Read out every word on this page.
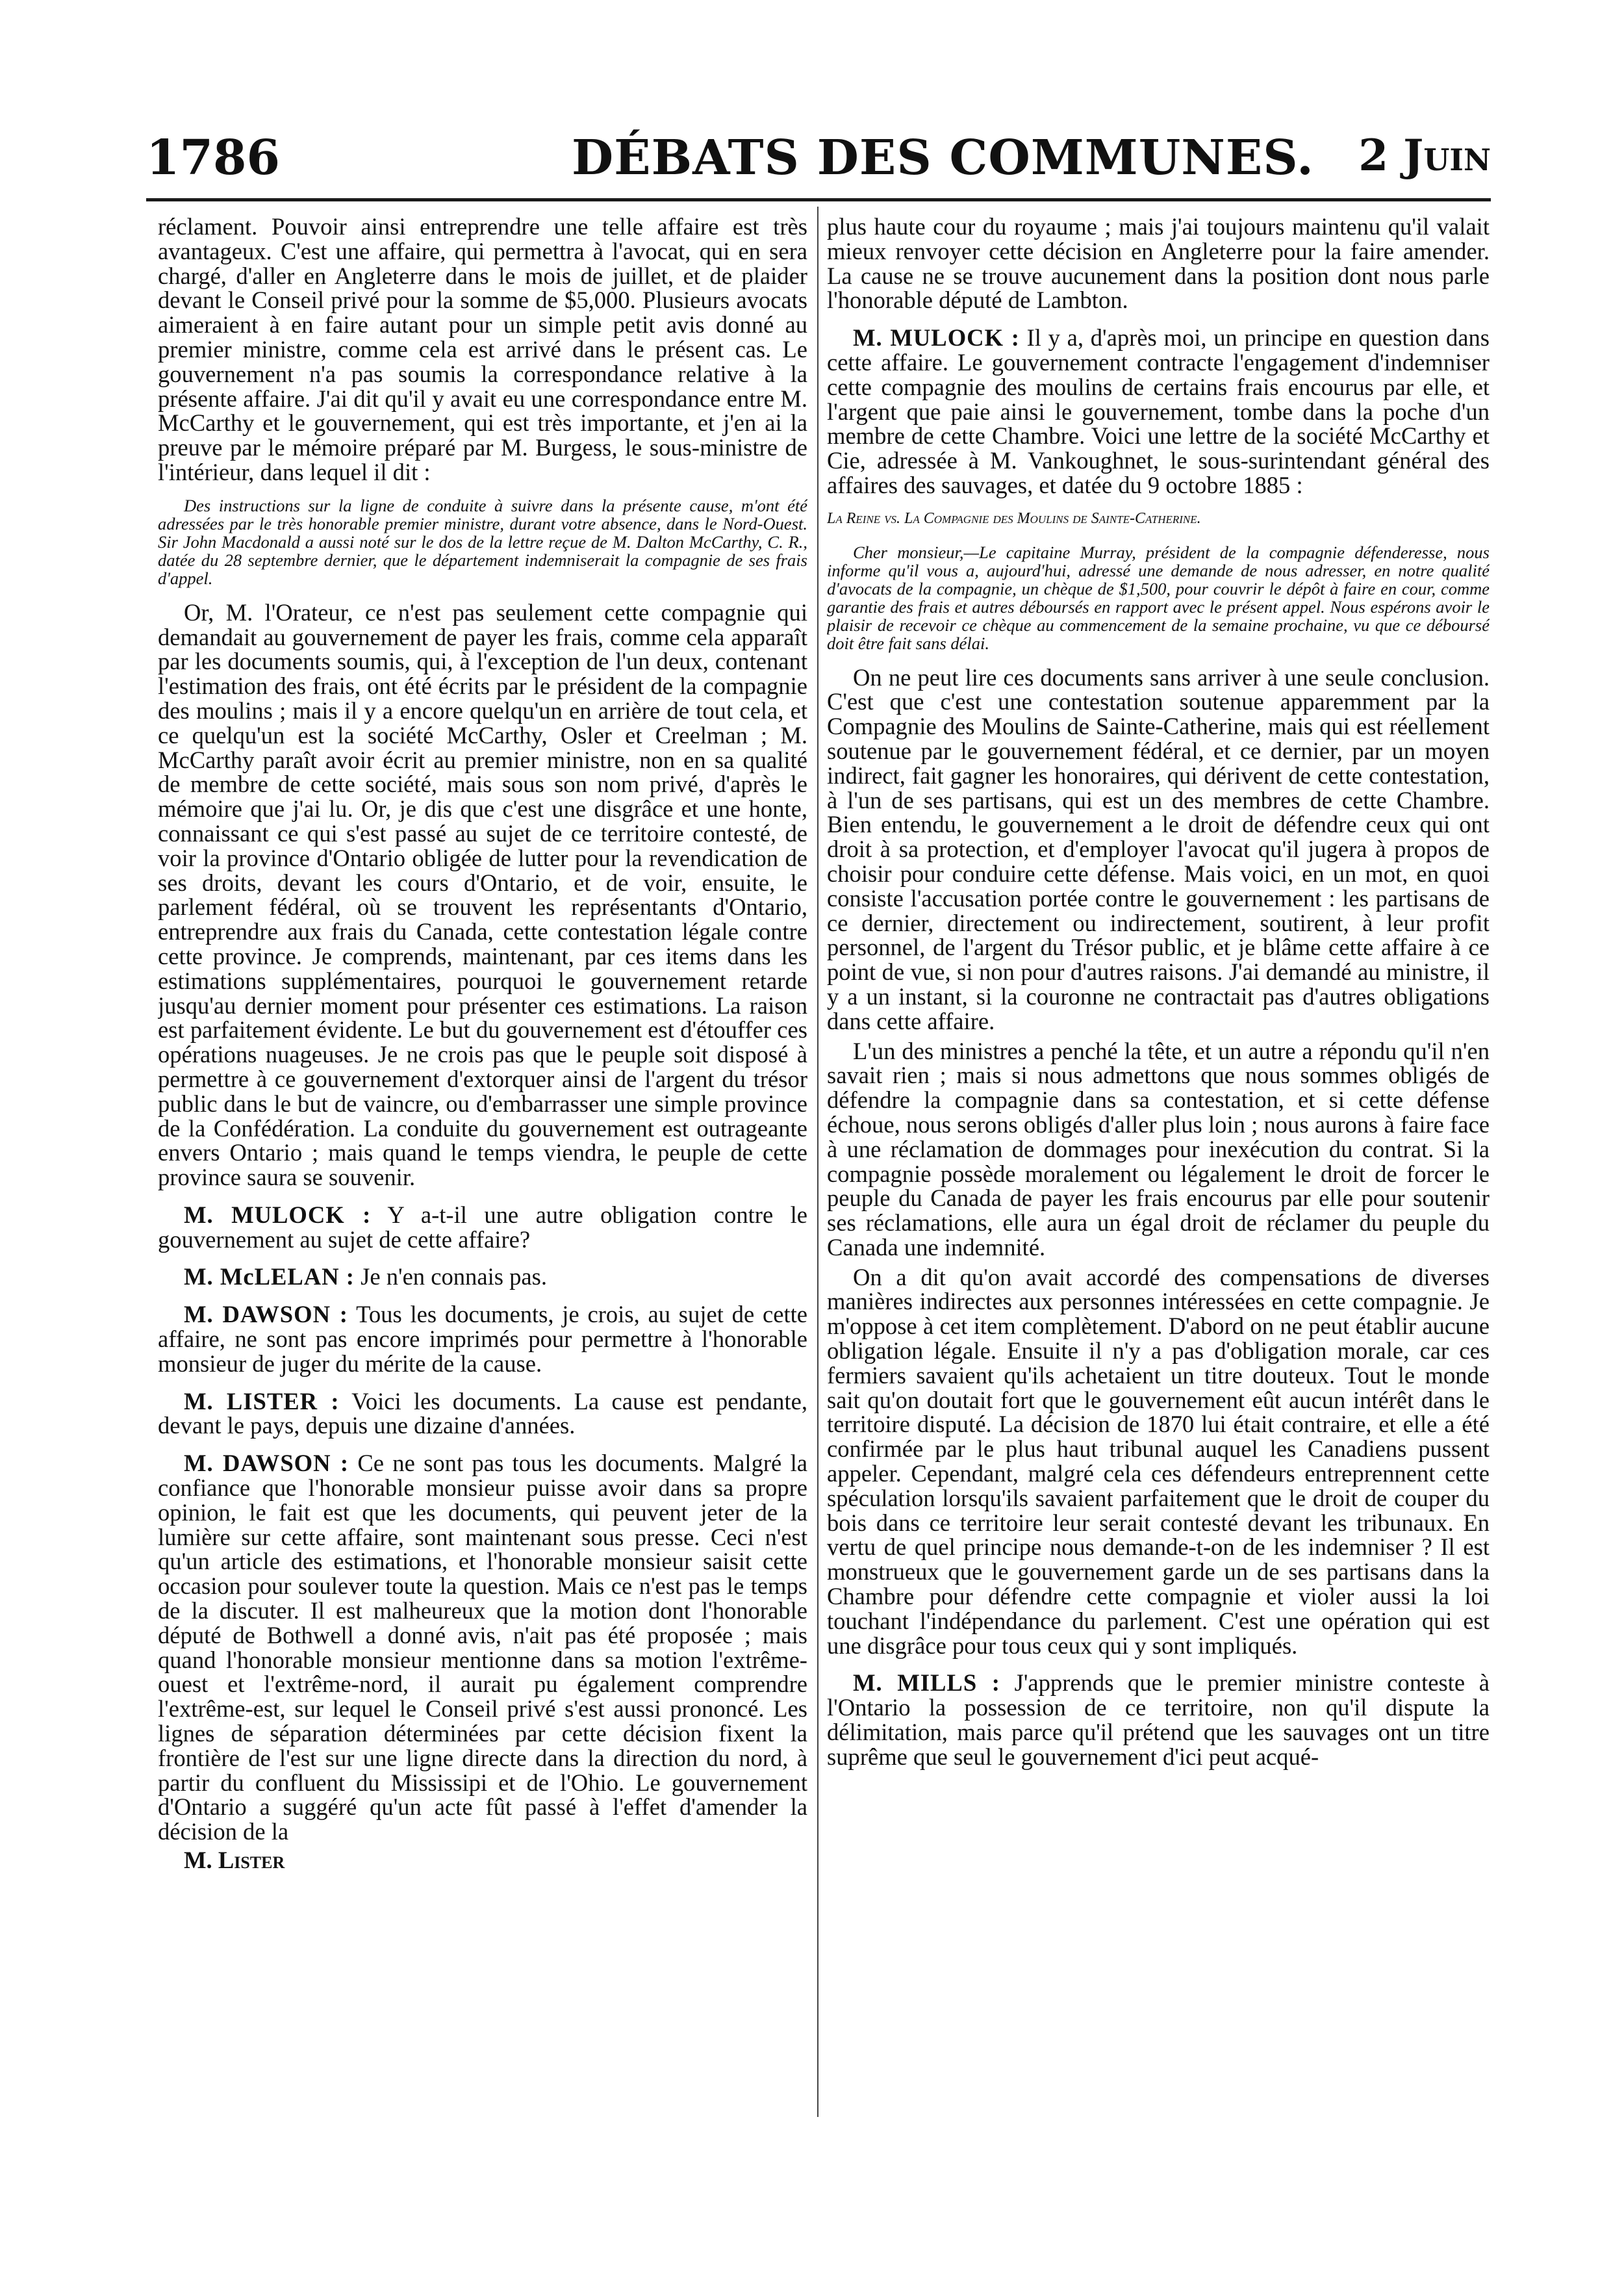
1786	DÉBATS DES COMMUNES. 2 Juin

réclament. Pouvoir ainsi entreprendre une telle affaire est très avantageux. C'est une affaire, qui permettra à l'avocat, qui en sera chargé, d'aller en Angleterre dans le mois de juillet, et de plaider devant le Conseil privé pour la somme de $5,000. Plusieurs avocats aimeraient à en faire autant pour un simple petit avis donné au premier ministre, comme cela est arrivé dans le présent cas. Le gouvernement n'a pas soumis la correspondance relative à la présente affaire. J'ai dit qu'il y avait eu une correspondance entre M. McCarthy et le gouvernement, qui est très importante, et j'en ai la preuve par le mémoire préparé par M. Burgess, le sous-ministre de l'intérieur, dans lequel il dit :

Des instructions sur la ligne de conduite à suivre dans la présente cause, m'ont été adressées par le très honorable premier ministre, durant votre absence, dans le Nord-Ouest. Sir John Macdonald a aussi noté sur le dos de la lettre reçue de M. Dalton McCarthy, C. R., datée du 28 septembre dernier, que le département indemniserait la compagnie de ses frais d'appel.

Or, M. l'Orateur, ce n'est pas seulement cette compagnie qui demandait au gouvernement de payer les frais, comme cela apparaît par les documents soumis, qui, à l'exception de l'un deux, contenant l'estimation des frais, ont été écrits par le président de la compagnie des moulins ; mais il y a encore quelqu'un en arrière de tout cela, et ce quelqu'un est la société McCarthy, Osler et Creelman ; M. McCarthy paraît avoir écrit au premier ministre, non en sa qualité de membre de cette société, mais sous son nom privé, d'après le mémoire que j'ai lu. Or, je dis que c'est une disgrâce et une honte, connaissant ce qui s'est passé au sujet de ce territoire contesté, de voir la province d'Ontario obligée de lutter pour la revendication de ses droits, devant les cours d'Ontario, et de voir, ensuite, le parlement fédéral, où se trouvent les représentants d'Ontario, entreprendre aux frais du Canada, cette contestation légale contre cette province. Je comprends, maintenant, par ces items dans les estimations supplémentaires, pourquoi le gouvernement retarde jusqu'au dernier moment pour présenter ces estimations. La raison est parfaitement évidente. Le but du gouvernement est d'étouffer ces opérations nuageuses. Je ne crois pas que le peuple soit disposé à permettre à ce gouvernement d'extorquer ainsi de l'argent du trésor public dans le but de vaincre, ou d'embarrasser une simple province de la Confédération. La conduite du gouvernement est outrageante envers Ontario ; mais quand le temps viendra, le peuple de cette province saura se souvenir.

M. MULOCK : Y a-t-il une autre obligation contre le gouvernement au sujet de cette affaire?

M. McLELAN : Je n'en connais pas.

M. DAWSON : Tous les documents, je crois, au sujet de cette affaire, ne sont pas encore imprimés pour permettre à l'honorable monsieur de juger du mérite de la cause.

M. LISTER : Voici les documents. La cause est pendante, devant le pays, depuis une dizaine d'années.

M. DAWSON : Ce ne sont pas tous les documents. Malgré la confiance que l'honorable monsieur puisse avoir dans sa propre opinion, le fait est que les documents, qui peuvent jeter de la lumière sur cette affaire, sont maintenant sous presse. Ceci n'est qu'un article des estimations, et l'honorable monsieur saisit cette occasion pour soulever toute la question. Mais ce n'est pas le temps de la discuter. Il est malheureux que la motion dont l'honorable député de Bothwell a donné avis, n'ait pas été proposée ; mais quand l'honorable monsieur mentionne dans sa motion l'extrême-ouest et l'extrême-nord, il aurait pu également comprendre l'extrême-est, sur lequel le Conseil privé s'est aussi prononcé. Les lignes de séparation déterminées par cette décision fixent la frontière de l'est sur une ligne directe dans la direction du nord, à partir du confluent du Mississipi et de l'Ohio. Le gouvernement d'Ontario a suggéré qu'un acte fût passé à l'effet d'amender la décision de la

M. Lister

plus haute cour du royaume ; mais j'ai toujours maintenu qu'il valait mieux renvoyer cette décision en Angleterre pour la faire amender. La cause ne se trouve aucunement dans la position dont nous parle l'honorable député de Lambton.

M. MULOCK : Il y a, d'après moi, un principe en question dans cette affaire. Le gouvernement contracte l'engagement d'indemniser cette compagnie des moulins de certains frais encourus par elle, et l'argent que paie ainsi le gouvernement, tombe dans la poche d'un membre de cette Chambre. Voici une lettre de la société McCarthy et Cie, adressée à M. Vankoughnet, le sous-surintendant général des affaires des sauvages, et datée du 9 octobre 1885 :

La Reine vs. La Compagnie des Moulins de Sainte-Catherine.

Cher monsieur,—Le capitaine Murray, président de la compagnie défenderesse, nous informe qu'il vous a, aujourd'hui, adressé une demande de nous adresser, en notre qualité d'avocats de la compagnie, un chèque de $1,500, pour couvrir le dépôt à faire en cour, comme garantie des frais et autres déboursés en rapport avec le présent appel. Nous espérons avoir le plaisir de recevoir ce chèque au commencement de la semaine prochaine, vu que ce déboursé doit être fait sans délai.

On ne peut lire ces documents sans arriver à une seule conclusion. C'est que c'est une contestation soutenue apparemment par la Compagnie des Moulins de Sainte-Catherine, mais qui est réellement soutenue par le gouvernement fédéral, et ce dernier, par un moyen indirect, fait gagner les honoraires, qui dérivent de cette contestation, à l'un de ses partisans, qui est un des membres de cette Chambre. Bien entendu, le gouvernement a le droit de défendre ceux qui ont droit à sa protection, et d'employer l'avocat qu'il jugera à propos de choisir pour conduire cette défense. Mais voici, en un mot, en quoi consiste l'accusation portée contre le gouvernement : les partisans de ce dernier, directement ou indirectement, soutirent, à leur profit personnel, de l'argent du Trésor public, et je blâme cette affaire à ce point de vue, si non pour d'autres raisons. J'ai demandé au ministre, il y a un instant, si la couronne ne contractait pas d'autres obligations dans cette affaire.

L'un des ministres a penché la tête, et un autre a répondu qu'il n'en savait rien ; mais si nous admettons que nous sommes obligés de défendre la compagnie dans sa contestation, et si cette défense échoue, nous serons obligés d'aller plus loin ; nous aurons à faire face à une réclamation de dommages pour inexécution du contrat. Si la compagnie possède moralement ou légalement le droit de forcer le peuple du Canada de payer les frais encourus par elle pour soutenir ses réclamations, elle aura un égal droit de réclamer du peuple du Canada une indemnité.

On a dit qu'on avait accordé des compensations de diverses manières indirectes aux personnes intéressées en cette compagnie. Je m'oppose à cet item complètement. D'abord on ne peut établir aucune obligation légale. Ensuite il n'y a pas d'obligation morale, car ces fermiers savaient qu'ils achetaient un titre douteux. Tout le monde sait qu'on doutait fort que le gouvernement eût aucun intérêt dans le territoire disputé. La décision de 1870 lui était contraire, et elle a été confirmée par le plus haut tribunal auquel les Canadiens pussent appeler. Cependant, malgré cela ces défendeurs entreprennent cette spéculation lorsqu'ils savaient parfaitement que le droit de couper du bois dans ce territoire leur serait contesté devant les tribunaux. En vertu de quel principe nous demande-t-on de les indemniser ? Il est monstrueux que le gouvernement garde un de ses partisans dans la Chambre pour défendre cette compagnie et violer aussi la loi touchant l'indépendance du parlement. C'est une opération qui est une disgrâce pour tous ceux qui y sont impliqués.

M. MILLS : J'apprends que le premier ministre conteste à l'Ontario la possession de ce territoire, non qu'il dispute la délimitation, mais parce qu'il prétend que les sauvages ont un titre suprême que seul le gouvernement d'ici peut acqué-
